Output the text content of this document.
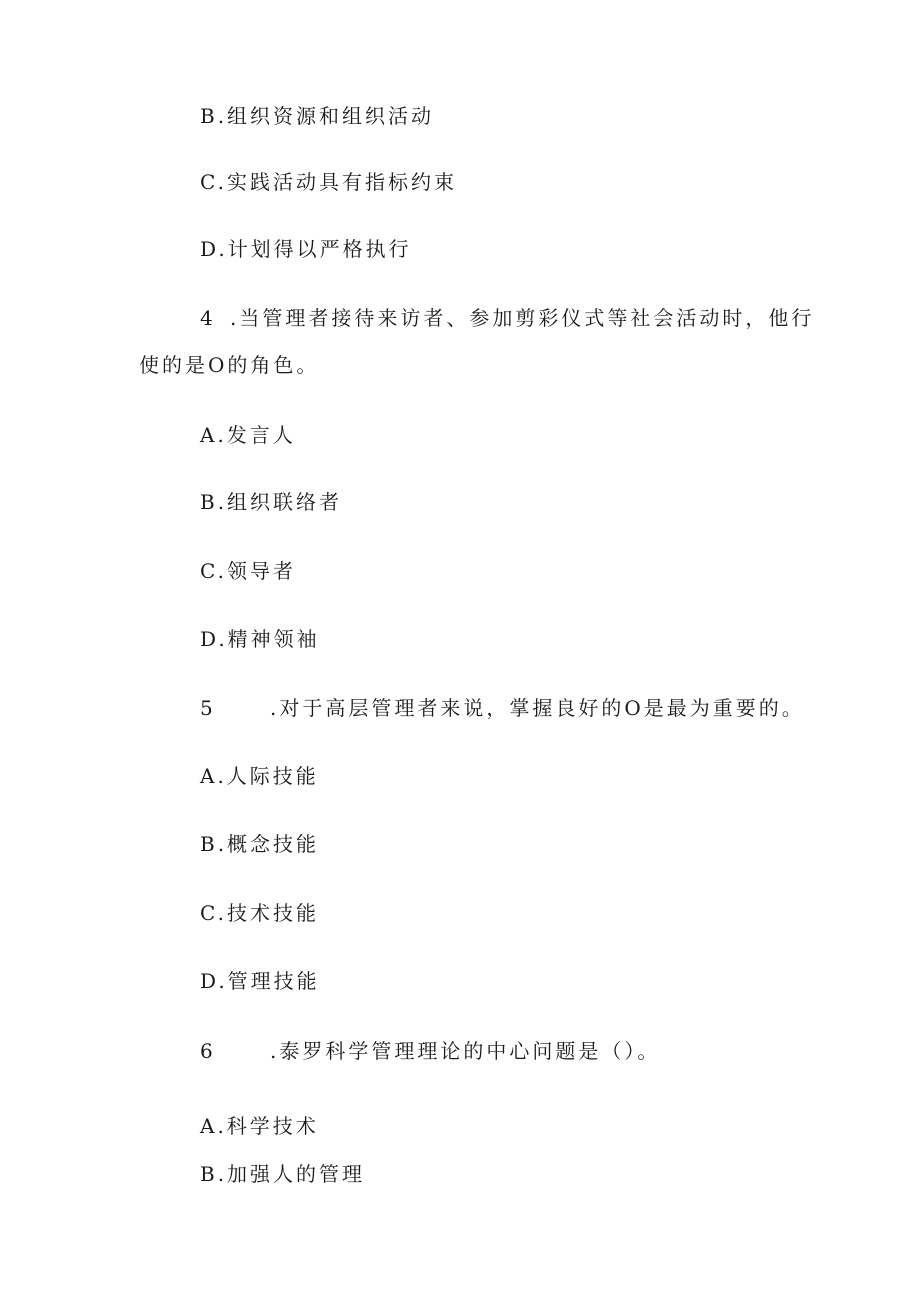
B.组织资源和组织活动
C.实践活动具有指标约束
D.计划得以严格执行
4 .当管理者接待来访者、参加剪彩仪式等社会活动时，他行
使的是O的角色。
A.发言人
B.组织联络者
C.领导者
D.精神领袖
5	.对于高层管理者来说，掌握良好的O是最为重要的。
A.人际技能
B.概念技能
C.技术技能
D.管理技能
6	.泰罗科学管理理论的中心问题是（）。
A.科学技术
B.加强人的管理
